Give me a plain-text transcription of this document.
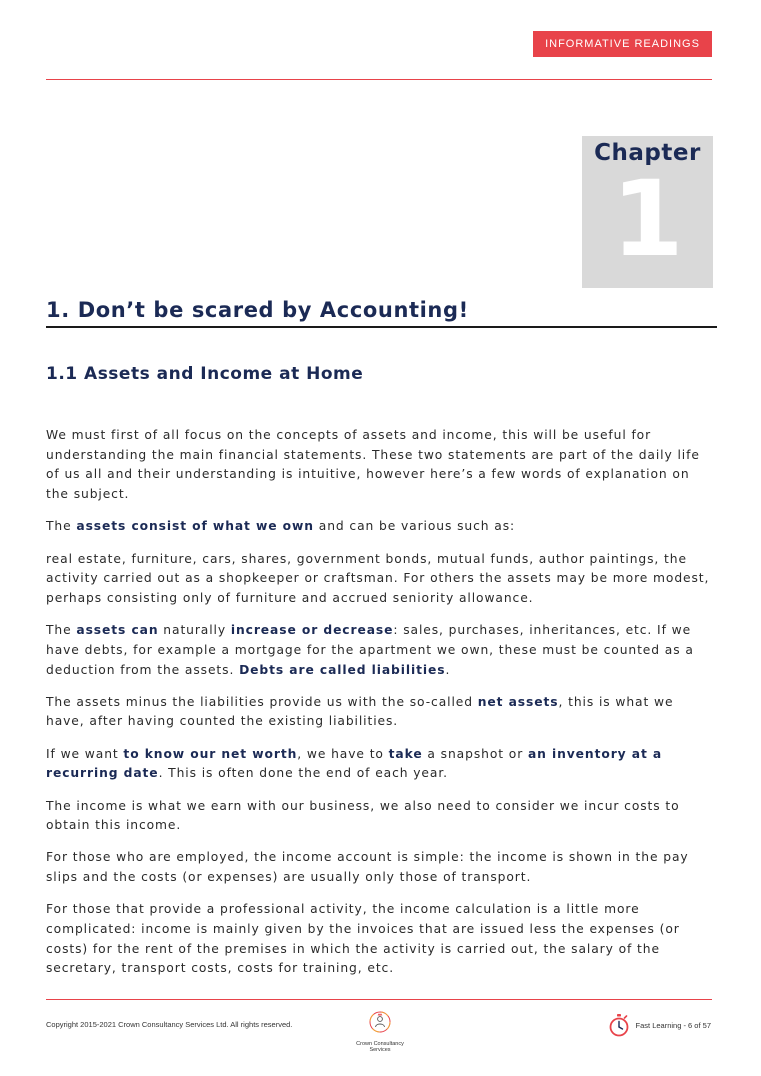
INFORMATIVE READINGS
Chapter
1
1. Don’t be scared by Accounting!
1.1 Assets and Income at Home

We must first of all focus on the concepts of assets and income, this will be useful for understanding the main financial statements. These two statements are part of the daily life of us all and their understanding is intuitive, however here’s a few words of explanation on the subject.

The assets consist of what we own and can be various such as:

real estate, furniture, cars, shares, government bonds, mutual funds, author paintings, the activity carried out as a shopkeeper or craftsman. For others the assets may be more modest, perhaps consisting only of furniture and accrued seniority allowance.

The assets can naturally increase or decrease: sales, purchases, inheritances, etc. If we have debts, for example a mortgage for the apartment we own, these must be counted as a deduction from the assets. Debts are called liabilities.

The assets minus the liabilities provide us with the so-called net assets, this is what we have, after having counted the existing liabilities.

If we want to know our net worth, we have to take a snapshot or an inventory at a recurring date. This is often done the end of each year.

The income is what we earn with our business, we also need to consider we incur costs to obtain this income.

For those who are employed, the income account is simple: the income is shown in the pay slips and the costs (or expenses) are usually only those of transport.

For those that provide a professional activity, the income calculation is a little more complicated: income is mainly given by the invoices that are issued less the expenses (or costs) for the rent of the premises in which the activity is carried out, the salary of the secretary, transport costs, costs for training, etc.

Copyright 2015-2021 Crown Consultancy Services Ltd. All rights reserved.
Crown Consultancy
Services
Fast Learning - 6 of 57
